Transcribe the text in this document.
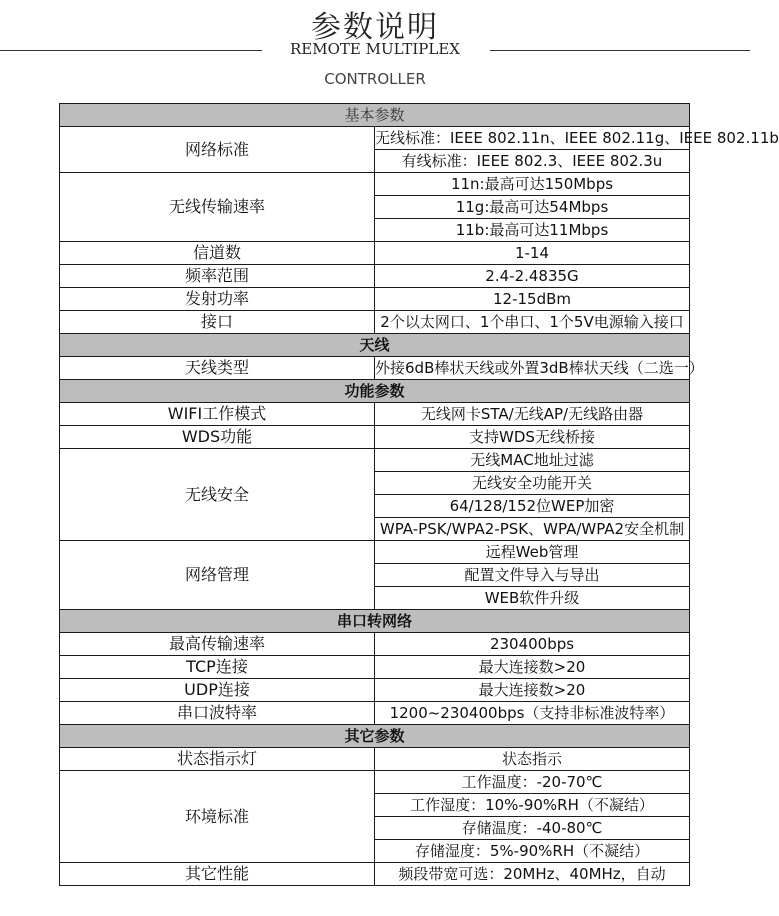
参数说明
REMOTE MULTIPLEX
CONTROLLER
基本参数	
网络标准	无线标准：IEEE 802.11n、IEEE 802.11g、IEEE 802.11b
	有线标准：IEEE 802.3、IEEE 802.3u
无线传输速率	11n:最高可达150Mbps
	11g:最高可达54Mbps
	11b:最高可达11Mbps
信道数	1-14
频率范围	2.4-2.4835G
发射功率	12-15dBm
接口	2个以太网口、1个串口、1个5V电源输入接口
天线	
天线类型	外接6dB棒状天线或外置3dB棒状天线（二选一）
功能参数	
WIFI工作模式	无线网卡STA/无线AP/无线路由器
WDS功能	支持WDS无线桥接
无线安全	无线MAC地址过滤
	无线安全功能开关
	64/128/152位WEP加密
	WPA-PSK/WPA2-PSK、WPA/WPA2安全机制
网络管理	远程Web管理
	配置文件导入与导出
	WEB软件升级
串口转网络	
最高传输速率	230400bps
TCP连接	最大连接数>20
UDP连接	最大连接数>20
串口波特率	1200~230400bps（支持非标准波特率）
其它参数	
状态指示灯	状态指示
环境标准	工作温度：-20-70℃
	工作湿度：10%-90%RH（不凝结）
	存储温度：-40-80℃
	存储湿度：5%-90%RH（不凝结）
其它性能	频段带宽可选：20MHz、40MHz，自动
